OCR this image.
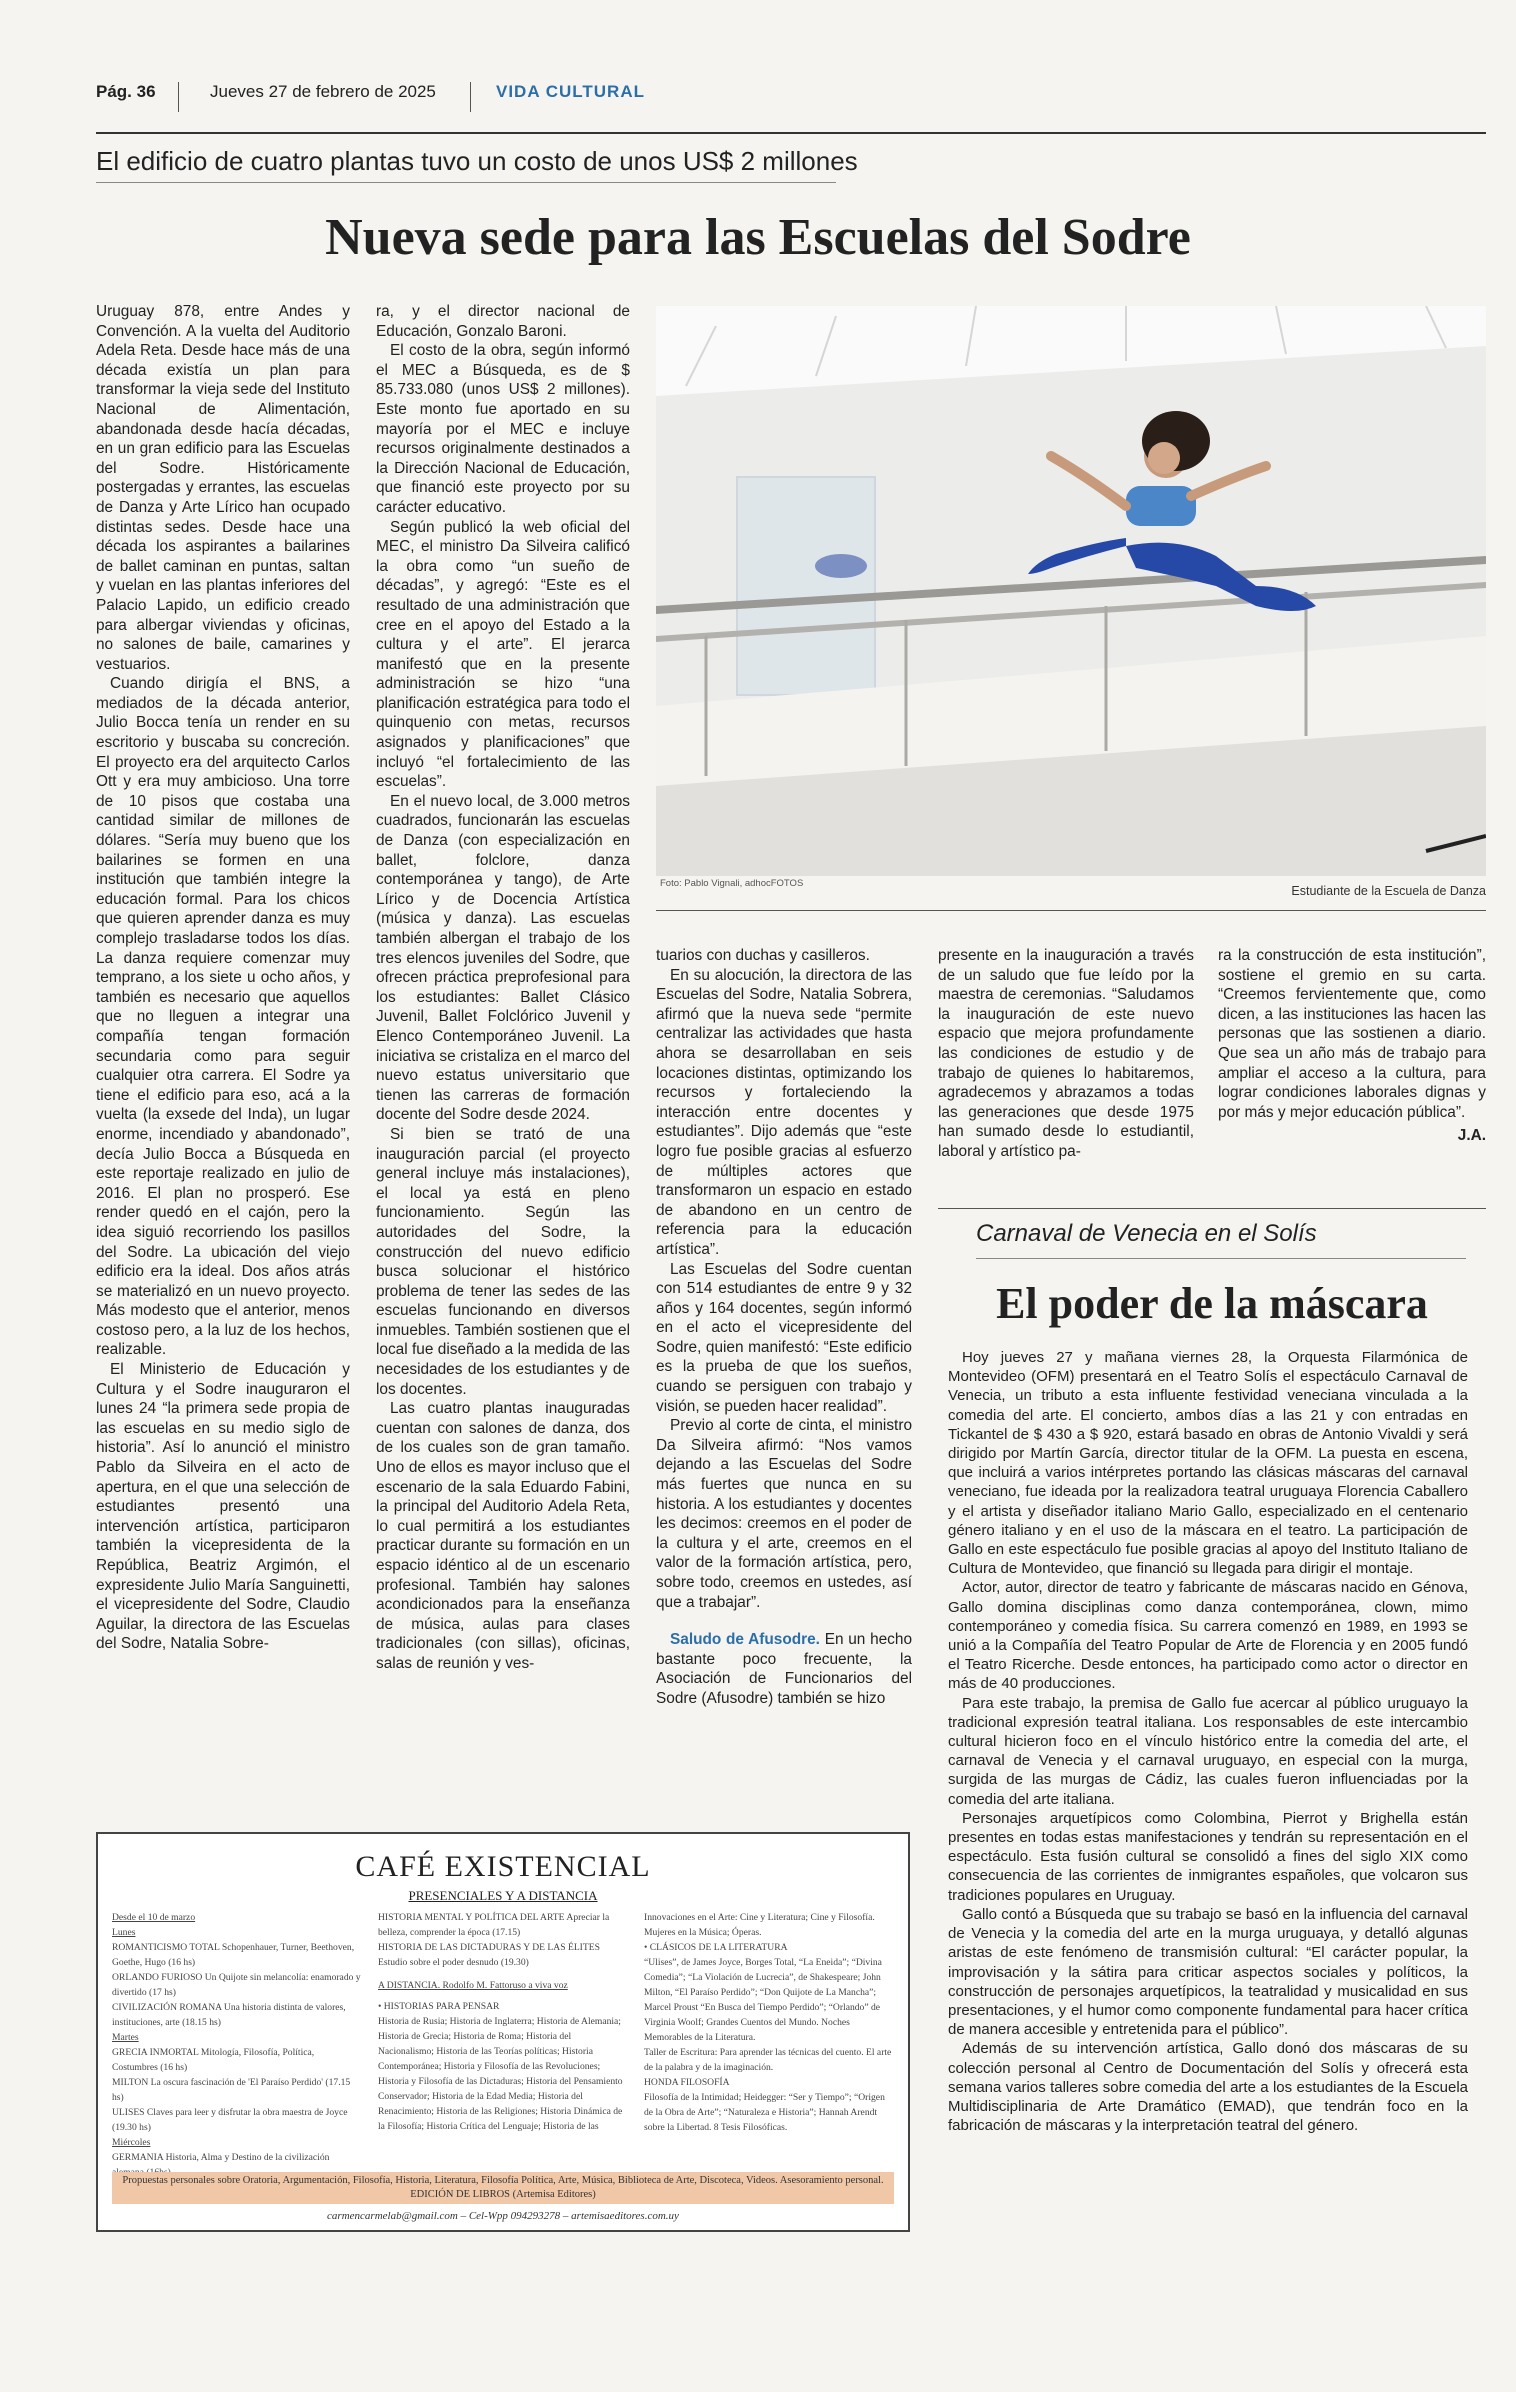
Pág. 36	Jueves 27 de febrero de 2025	VIDA CULTURAL
El edificio de cuatro plantas tuvo un costo de unos US$ 2 millones
Nueva sede para las Escuelas del Sodre

Uruguay 878, entre Andes y Convención. A la vuelta del Auditorio Adela Reta. Desde hace más de una década existía un plan para transformar la vieja sede del Instituto Nacional de Alimentación, abandonada desde hacía décadas, en un gran edificio para las Escuelas del Sodre. Históricamente postergadas y errantes, las escuelas de Danza y Arte Lírico han ocupado distintas sedes. Desde hace una década los aspirantes a bailarines de ballet caminan en puntas, saltan y vuelan en las plantas inferiores del Palacio Lapido, un edificio creado para albergar viviendas y oficinas, no salones de baile, camarines y vestuarios.

Cuando dirigía el BNS, a mediados de la década anterior, Julio Bocca tenía un render en su escritorio y buscaba su concreción. El proyecto era del arquitecto Carlos Ott y era muy ambicioso. Una torre de 10 pisos que costaba una cantidad similar de millones de dólares. “Sería muy bueno que los bailarines se formen en una institución que también integre la educación formal. Para los chicos que quieren aprender danza es muy complejo trasladarse todos los días. La danza requiere comenzar muy temprano, a los siete u ocho años, y también es necesario que aquellos que no lleguen a integrar una compañía tengan formación secundaria como para seguir cualquier otra carrera. El Sodre ya tiene el edificio para eso, acá a la vuelta (la exsede del Inda), un lugar enorme, incendiado y abandonado”, decía Julio Bocca a Búsqueda en este reportaje realizado en julio de 2016. El plan no prosperó. Ese render quedó en el cajón, pero la idea siguió recorriendo los pasillos del Sodre. La ubicación del viejo edificio era la ideal. Dos años atrás se materializó en un nuevo proyecto. Más modesto que el anterior, menos costoso pero, a la luz de los hechos, realizable.

El Ministerio de Educación y Cultura y el Sodre inauguraron el lunes 24 “la primera sede propia de las escuelas en su medio siglo de historia”. Así lo anunció el ministro Pablo da Silveira en el acto de apertura, en el que una selección de estudiantes presentó una intervención artística, participaron también la vicepresidenta de la República, Beatriz Argimón, el expresidente Julio María Sanguinetti, el vicepresidente del Sodre, Claudio Aguilar, la directora de las Escuelas del Sodre, Natalia Sobre-

ra, y el director nacional de Educación, Gonzalo Baroni.

El costo de la obra, según informó el MEC a Búsqueda, es de $ 85.733.080 (unos US$ 2 millones). Este monto fue aportado en su mayoría por el MEC e incluye recursos originalmente destinados a la Dirección Nacional de Educación, que financió este proyecto por su carácter educativo.

Según publicó la web oficial del MEC, el ministro Da Silveira calificó la obra como “un sueño de décadas”, y agregó: “Este es el resultado de una administración que cree en el apoyo del Estado a la cultura y el arte”. El jerarca manifestó que en la presente administración se hizo “una planificación estratégica para todo el quinquenio con metas, recursos asignados y planificaciones” que incluyó “el fortalecimiento de las escuelas”.

En el nuevo local, de 3.000 metros cuadrados, funcionarán las escuelas de Danza (con especialización en ballet, folclore, danza contemporánea y tango), de Arte Lírico y de Docencia Artística (música y danza). Las escuelas también albergan el trabajo de los tres elencos juveniles del Sodre, que ofrecen práctica preprofesional para los estudiantes: Ballet Clásico Juvenil, Ballet Folclórico Juvenil y Elenco Contemporáneo Juvenil. La iniciativa se cristaliza en el marco del nuevo estatus universitario que tienen las carreras de formación docente del Sodre desde 2024.

Si bien se trató de una inauguración parcial (el proyecto general incluye más instalaciones), el local ya está en pleno funcionamiento. Según las autoridades del Sodre, la construcción del nuevo edificio busca solucionar el histórico problema de tener las sedes de las escuelas funcionando en diversos inmuebles. También sostienen que el local fue diseñado a la medida de las necesidades de los estudiantes y de los docentes.

Las cuatro plantas inauguradas cuentan con salones de danza, dos de los cuales son de gran tamaño. Uno de ellos es mayor incluso que el escenario de la sala Eduardo Fabini, la principal del Auditorio Adela Reta, lo cual permitirá a los estudiantes practicar durante su formación en un espacio idéntico al de un escenario profesional. También hay salones acondicionados para la enseñanza de música, aulas para clases tradicionales (con sillas), oficinas, salas de reunión y ves-

Foto: Pablo Vignali, adhocFOTOS
Estudiante de la Escuela de Danza

tuarios con duchas y casilleros.

En su alocución, la directora de las Escuelas del Sodre, Natalia Sobrera, afirmó que la nueva sede “permite centralizar las actividades que hasta ahora se desarrollaban en seis locaciones distintas, optimizando los recursos y fortaleciendo la interacción entre docentes y estudiantes”. Dijo además que “este logro fue posible gracias al esfuerzo de múltiples actores que transformaron un espacio en estado de abandono en un centro de referencia para la educación artística”.

Las Escuelas del Sodre cuentan con 514 estudiantes de entre 9 y 32 años y 164 docentes, según informó en el acto el vicepresidente del Sodre, quien manifestó: “Este edificio es la prueba de que los sueños, cuando se persiguen con trabajo y visión, se pueden hacer realidad”.

Previo al corte de cinta, el ministro Da Silveira afirmó: “Nos vamos dejando a las Escuelas del Sodre más fuertes que nunca en su historia. A los estudiantes y docentes les decimos: creemos en el poder de la cultura y el arte, creemos en el valor de la formación artística, pero, sobre todo, creemos en ustedes, así que a trabajar”.

Saludo de Afusodre. En un hecho bastante poco frecuente, la Asociación de Funcionarios del Sodre (Afusodre) también se hizo

presente en la inauguración a través de un saludo que fue leído por la maestra de ceremonias. “Saludamos la inauguración de este nuevo espacio que mejora profundamente las condiciones de estudio y de trabajo de quienes lo habitaremos, agradecemos y abrazamos a todas las generaciones que desde 1975 han sumado desde lo estudiantil, laboral y artístico pa-

ra la construcción de esta institución”, sostiene el gremio en su carta. “Creemos fervientemente que, como dicen, a las instituciones las hacen las personas que las sostienen a diario. Que sea un año más de trabajo para ampliar el acceso a la cultura, para lograr condiciones laborales dignas y por más y mejor educación pública”.

J.A.
Carnaval de Venecia en el Solís
El poder de la máscara

Hoy jueves 27 y mañana viernes 28, la Orquesta Filarmónica de Montevideo (OFM) presentará en el Teatro Solís el espectáculo Carnaval de Venecia, un tributo a esta influente festividad veneciana vinculada a la comedia del arte. El concierto, ambos días a las 21 y con entradas en Tickantel de $ 430 a $ 920, estará basado en obras de Antonio Vivaldi y será dirigido por Martín García, director titular de la OFM. La puesta en escena, que incluirá a varios intérpretes portando las clásicas máscaras del carnaval veneciano, fue ideada por la realizadora teatral uruguaya Florencia Caballero y el artista y diseñador italiano Mario Gallo, especializado en el centenario género italiano y en el uso de la máscara en el teatro. La participación de Gallo en este espectáculo fue posible gracias al apoyo del Instituto Italiano de Cultura de Montevideo, que financió su llegada para dirigir el montaje.

Actor, autor, director de teatro y fabricante de máscaras nacido en Génova, Gallo domina disciplinas como danza contemporánea, clown, mimo contemporáneo y comedia física. Su carrera comenzó en 1989, en 1993 se unió a la Compañía del Teatro Popular de Arte de Florencia y en 2005 fundó el Teatro Ricerche. Desde entonces, ha participado como actor o director en más de 40 producciones.

Para este trabajo, la premisa de Gallo fue acercar al público uruguayo la tradicional expresión teatral italiana. Los responsables de este intercambio cultural hicieron foco en el vínculo histórico entre la comedia del arte, el carnaval de Venecia y el carnaval uruguayo, en especial con la murga, surgida de las murgas de Cádiz, las cuales fueron influenciadas por la comedia del arte italiana.

Personajes arquetípicos como Colombina, Pierrot y Brighella están presentes en todas estas manifestaciones y tendrán su representación en el espectáculo. Esta fusión cultural se consolidó a fines del siglo XIX como consecuencia de las corrientes de inmigrantes españoles, que volcaron sus tradiciones populares en Uruguay.

Gallo contó a Búsqueda que su trabajo se basó en la influencia del carnaval de Venecia y la comedia del arte en la murga uruguaya, y detalló algunas aristas de este fenómeno de transmisión cultural: “El carácter popular, la improvisación y la sátira para criticar aspectos sociales y políticos, la construcción de personajes arquetípicos, la teatralidad y musicalidad en sus presentaciones, y el humor como componente fundamental para hacer crítica de manera accesible y entretenida para el público”.

Además de su intervención artística, Gallo donó dos máscaras de su colección personal al Centro de Documentación del Solís y ofrecerá esta semana varios talleres sobre comedia del arte a los estudiantes de la Escuela Multidisciplinaria de Arte Dramático (EMAD), que tendrán foco en la fabricación de máscaras y la interpretación teatral del género.

CAFÉ EXISTENCIAL
PRESENCIALES Y A DISTANCIA
Desde el 10 de marzo
Lunes
ROMANTICISMO TOTAL Schopenhauer, Turner, Beethoven, Goethe, Hugo (16 hs)
ORLANDO FURIOSO Un Quijote sin melancolía: enamorado y divertido (17 hs)
CIVILIZACIÓN ROMANA Una historia distinta de valores, instituciones, arte (18.15 hs)
Martes
GRECIA INMORTAL Mitología, Filosofía, Política, Costumbres (16 hs)
MILTON La oscura fascinación de 'El Paraíso Perdido' (17.15 hs)
ULISES Claves para leer y disfrutar la obra maestra de Joyce (19.30 hs)
Miércoles
GERMANIA Historia, Alma y Destino de la civilización
HISTORIA MENTAL Y POLÍTICA DEL ARTE Apreciar la belleza, comprender la época (17.15)
HISTORIA DE LAS DICTADURAS Y DE LAS ÉLITES Estudio sobre el poder desnudo (19.30)
A DISTANCIA. Rodolfo M. Fattoruso a viva voz
• HISTORIAS PARA PENSAR
Historia de Rusia; Historia de Inglaterra; Historia de Alemania; Historia de Grecia; Historia de Roma; Historia del Nacionalismo; Historia de las Teorías políticas; Historia Contemporánea; Historia y Filosofía de las Revoluciones; Historia y Filosofía de las Dictaduras; Historia del Pensamiento Conservador; Historia de la Edad Media; Historia del Renacimiento; Historia de las Religiones; Historia Dinámica de la Filosofía; Historia Crítica del Lenguaje; Historia de las
Innovaciones en el Arte: Cine y Literatura; Cine y Filosofía. Mujeres en la Música; Óperas.
• CLÁSICOS DE LA LITERATURA
“Ulises”, de James Joyce, Borges Total, “La Eneida”; “Divina Comedia”; “La Violación de Lucrecia”, de Shakespeare; John Milton, “El Paraíso Perdido”; “Don Quijote de La Mancha”; Marcel Proust “En Busca del Tiempo Perdido”; “Orlando” de Virginia Woolf; Grandes Cuentos del Mundo. Noches Memorables de la Literatura.
Taller de Escritura: Para aprender las técnicas del cuento. El arte de la palabra y de la imaginación.
HONDA FILOSOFÍA
Filosofía de la Intimidad; Heidegger: “Ser y Tiempo”; “Origen de la Obra de Arte”; “Naturaleza e Historia”; Hannah Arendt sobre la Libertad. 8 Tesis Filosóficas.
Propuestas personales sobre Oratoria, Argumentación, Filosofía, Historia, Literatura, Filosofía Política, Arte, Música, Biblioteca de Arte, Discoteca, Videos. Asesoramiento personal. EDICIÓN DE LIBROS (Artemisa Editores)
carmencarmelab@gmail.com – Cel-Wpp 094293278 – artemisaeditores.com.uy
